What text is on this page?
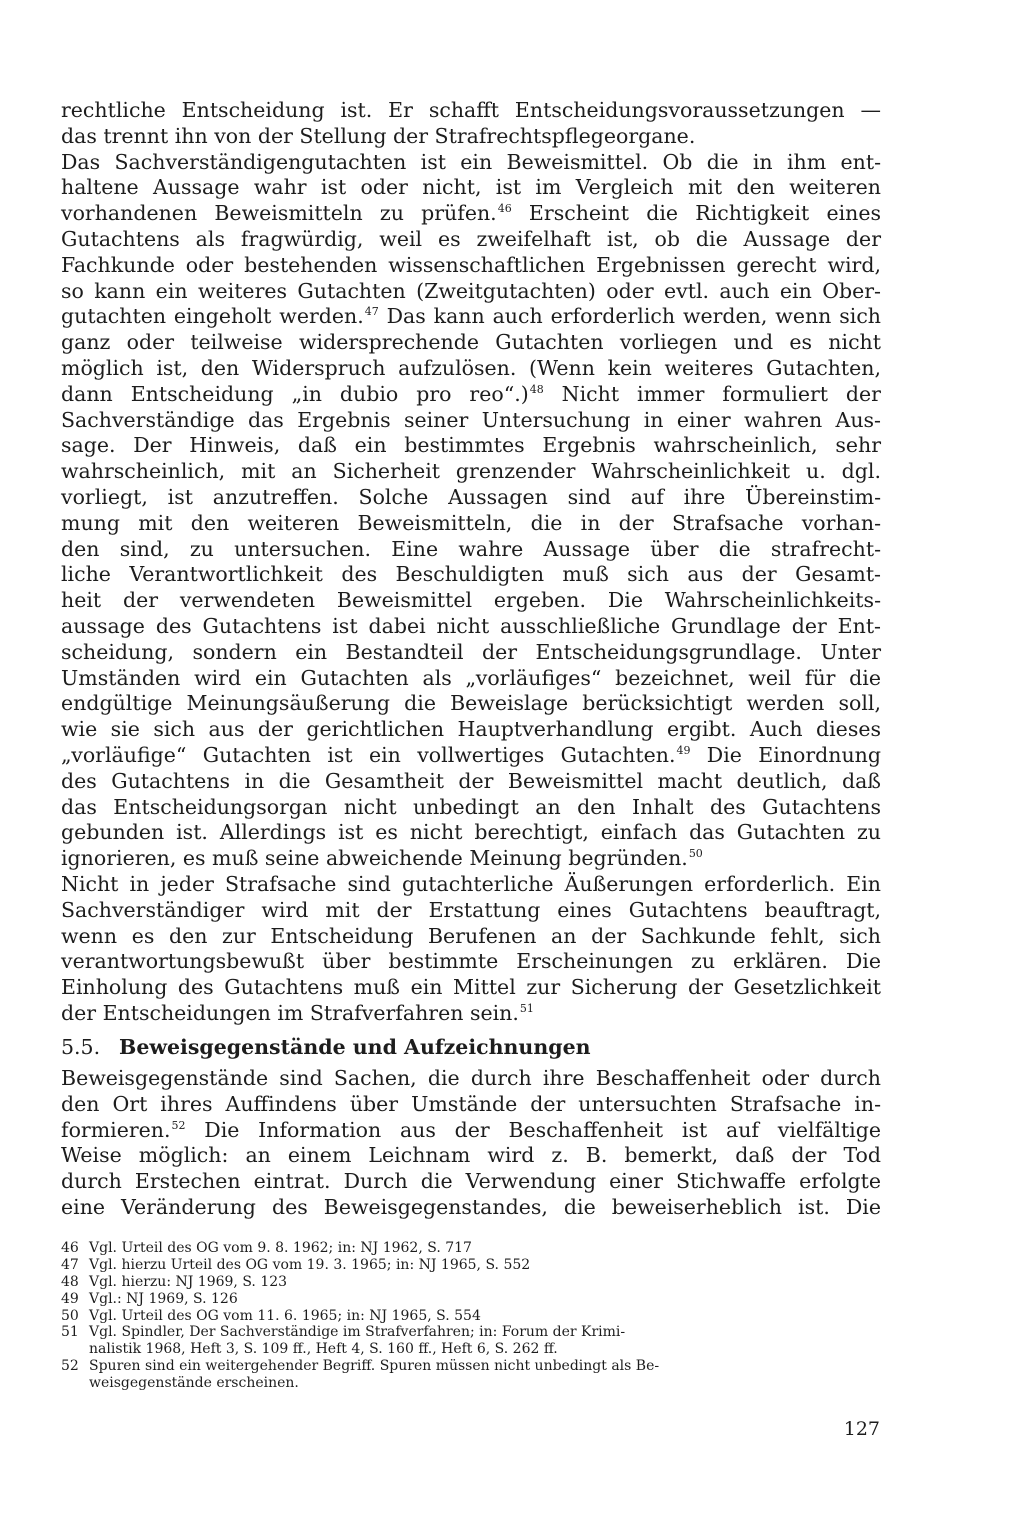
rechtliche Entscheidung ist. Er schafft Entscheidungsvoraussetzungen —
das trennt ihn von der Stellung der Strafrechtspflegeorgane.
Das Sachverständigengutachten ist ein Beweismittel. Ob die in ihm ent-
haltene Aussage wahr ist oder nicht, ist im Vergleich mit den weiteren
vorhandenen Beweismitteln zu prüfen.$^{46}$ Erscheint die Richtigkeit eines
Gutachtens als fragwürdig, weil es zweifelhaft ist, ob die Aussage der
Fachkunde oder bestehenden wissenschaftlichen Ergebnissen gerecht wird,
so kann ein weiteres Gutachten (Zweitgutachten) oder evtl. auch ein Ober-
gutachten eingeholt werden.$^{47}$ Das kann auch erforderlich werden, wenn sich
ganz oder teilweise widersprechende Gutachten vorliegen und es nicht
möglich ist, den Widerspruch aufzulösen. (Wenn kein weiteres Gutachten,
dann Entscheidung „in dubio pro reo“.)$^{48}$ Nicht immer formuliert der
Sachverständige das Ergebnis seiner Untersuchung in einer wahren Aus-
sage. Der Hinweis, daß ein bestimmtes Ergebnis wahrscheinlich, sehr
wahrscheinlich, mit an Sicherheit grenzender Wahrscheinlichkeit u. dgl.
vorliegt, ist anzutreffen. Solche Aussagen sind auf ihre Übereinstim-
mung mit den weiteren Beweismitteln, die in der Strafsache vorhan-
den sind, zu untersuchen. Eine wahre Aussage über die strafrecht-
liche Verantwortlichkeit des Beschuldigten muß sich aus der Gesamt-
heit der verwendeten Beweismittel ergeben. Die Wahrscheinlichkeits-
aussage des Gutachtens ist dabei nicht ausschließliche Grundlage der Ent-
scheidung, sondern ein Bestandteil der Entscheidungsgrundlage. Unter
Umständen wird ein Gutachten als „vorläufiges“ bezeichnet, weil für die
endgültige Meinungsäußerung die Beweislage berücksichtigt werden soll,
wie sie sich aus der gerichtlichen Hauptverhandlung ergibt. Auch dieses
„vorläufige“ Gutachten ist ein vollwertiges Gutachten.$^{49}$ Die Einordnung
des Gutachtens in die Gesamtheit der Beweismittel macht deutlich, daß
das Entscheidungsorgan nicht unbedingt an den Inhalt des Gutachtens
gebunden ist. Allerdings ist es nicht berechtigt, einfach das Gutachten zu
ignorieren, es muß seine abweichende Meinung begründen.$^{50}$
Nicht in jeder Strafsache sind gutachterliche Äußerungen erforderlich. Ein
Sachverständiger wird mit der Erstattung eines Gutachtens beauftragt,
wenn es den zur Entscheidung Berufenen an der Sachkunde fehlt, sich
verantwortungsbewußt über bestimmte Erscheinungen zu erklären. Die
Einholung des Gutachtens muß ein Mittel zur Sicherung der Gesetzlichkeit
der Entscheidungen im Strafverfahren sein.$^{51}$
5.5. Beweisgegenstände und Aufzeichnungen
Beweisgegenstände sind Sachen, die durch ihre Beschaffenheit oder durch
den Ort ihres Auffindens über Umstände der untersuchten Strafsache in-
formieren.$^{52}$ Die Information aus der Beschaffenheit ist auf vielfältige
Weise möglich: an einem Leichnam wird z. B. bemerkt, daß der Tod
durch Erstechen eintrat. Durch die Verwendung einer Stichwaffe erfolgte
eine Veränderung des Beweisgegenstandes, die beweiserheblich ist. Die
46 Vgl. Urteil des OG vom 9. 8. 1962; in: NJ 1962, S. 717
47 Vgl. hierzu Urteil des OG vom 19. 3. 1965; in: NJ 1965, S. 552
48 Vgl. hierzu: NJ 1969, S. 123
49 Vgl.: NJ 1969, S. 126
50 Vgl. Urteil des OG vom 11. 6. 1965; in: NJ 1965, S. 554
51 Vgl. Spindler, Der Sachverständige im Strafverfahren; in: Forum der Krimi-
nalistik 1968, Heft 3, S. 109 ff., Heft 4, S. 160 ff., Heft 6, S. 262 ff.
52 Spuren sind ein weitergehender Begriff. Spuren müssen nicht unbedingt als Be-
weisgegenstände erscheinen.
127
